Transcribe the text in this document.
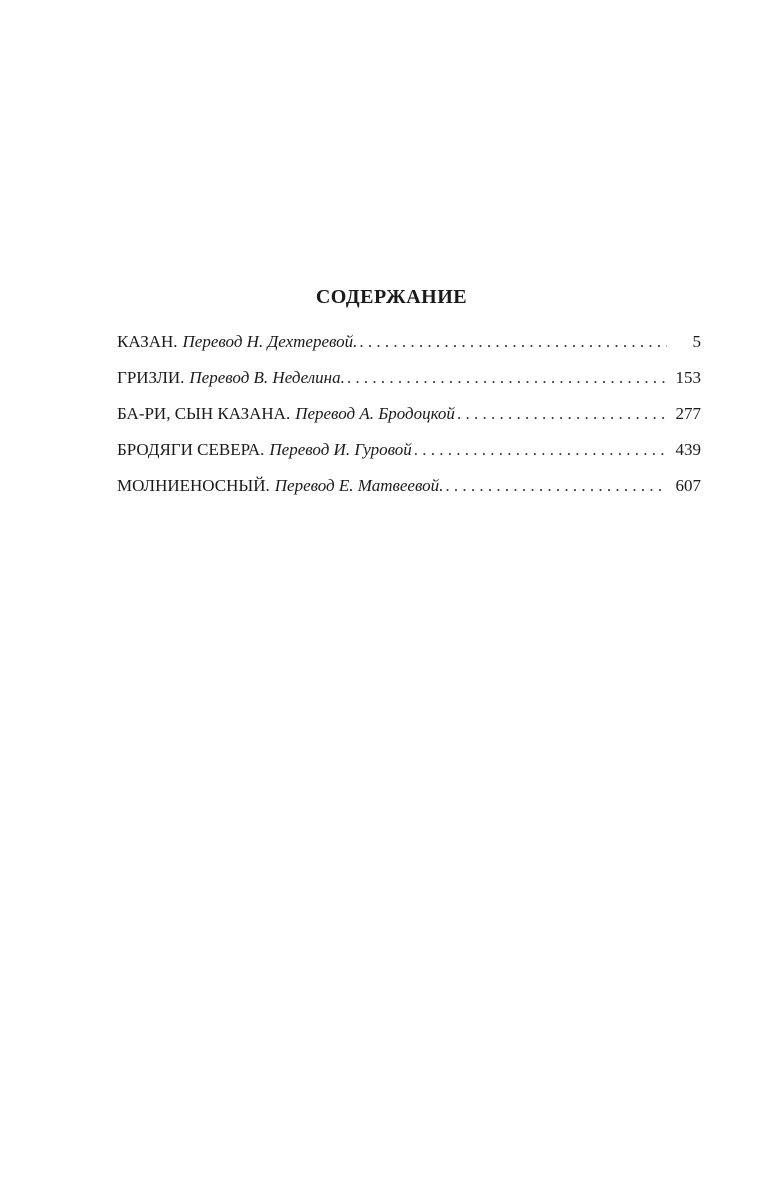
СОДЕРЖАНИЕ
КАЗАН. Перевод Н. Дехтеревой. . . .	5
ГРИЗЛИ. Перевод В. Неделина. . . .	153
БА-РИ, СЫН КАЗАНА. Перевод А. Бродоцкой . . .	277
БРОДЯГИ СЕВЕРА. Перевод И. Гуровой . . .	439
МОЛНИЕНОСНЫЙ. Перевод Е. Матвеевой. . . .	607
